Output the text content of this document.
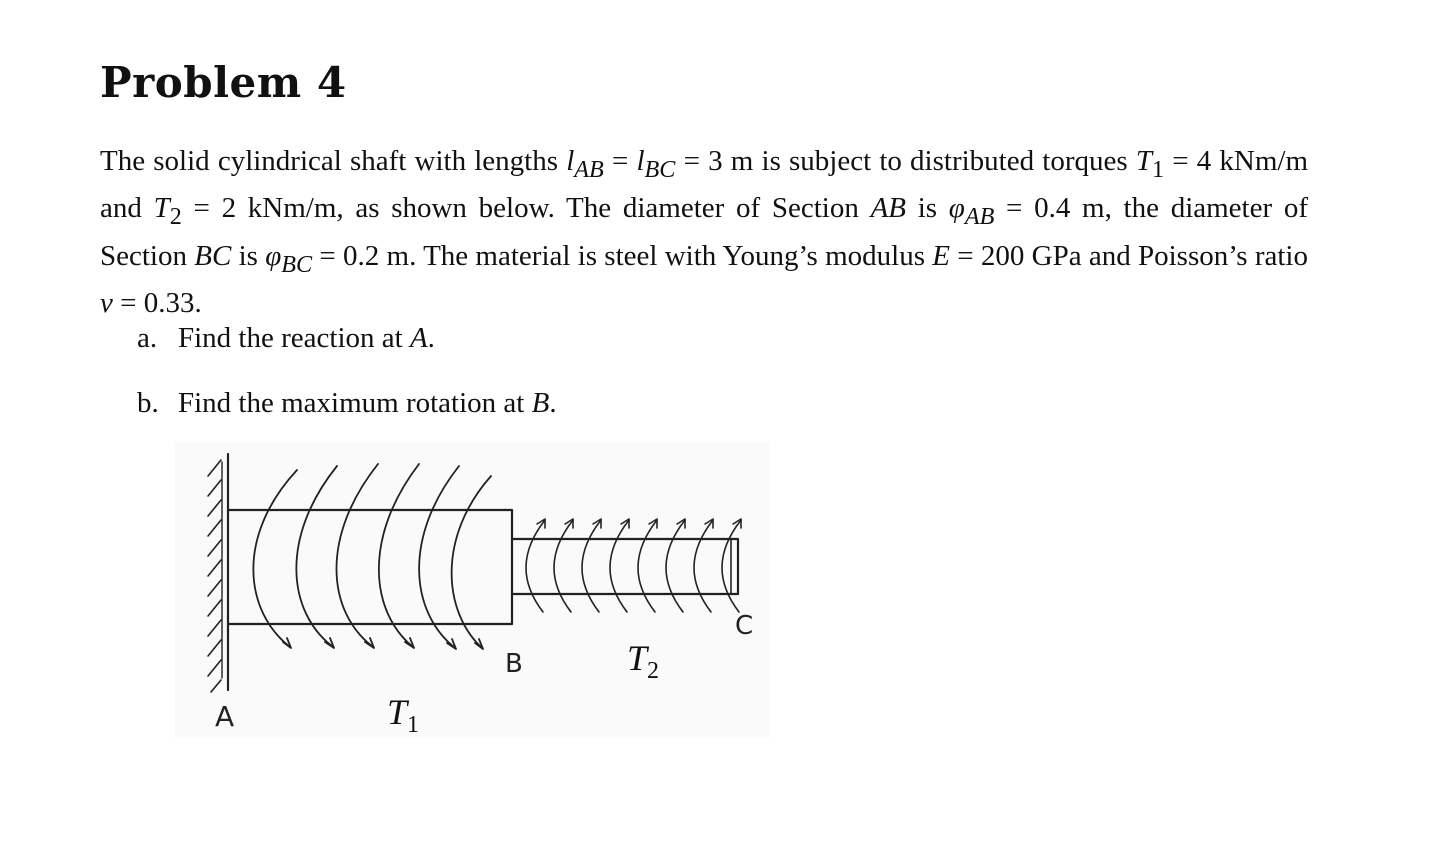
Problem 4

The solid cylindrical shaft with lengths $l_{AB} = l_{BC} = 3$ m is subject to distributed torques $T_1 = 4$ kNm/m and $T_2 = 2$ kNm/m, as shown below. The diameter of Section AB is $\varphi_{AB} = 0.4$ m, the diameter of Section BC is $\varphi_{BC} = 0.2$ m. The material is steel with Young’s modulus E = 200 GPa and Poisson’s ratio ν = 0.33.

a. Find the reaction at A.

b. Find the maximum rotation at B.

A
B
C
$T_1$
$T_2$
